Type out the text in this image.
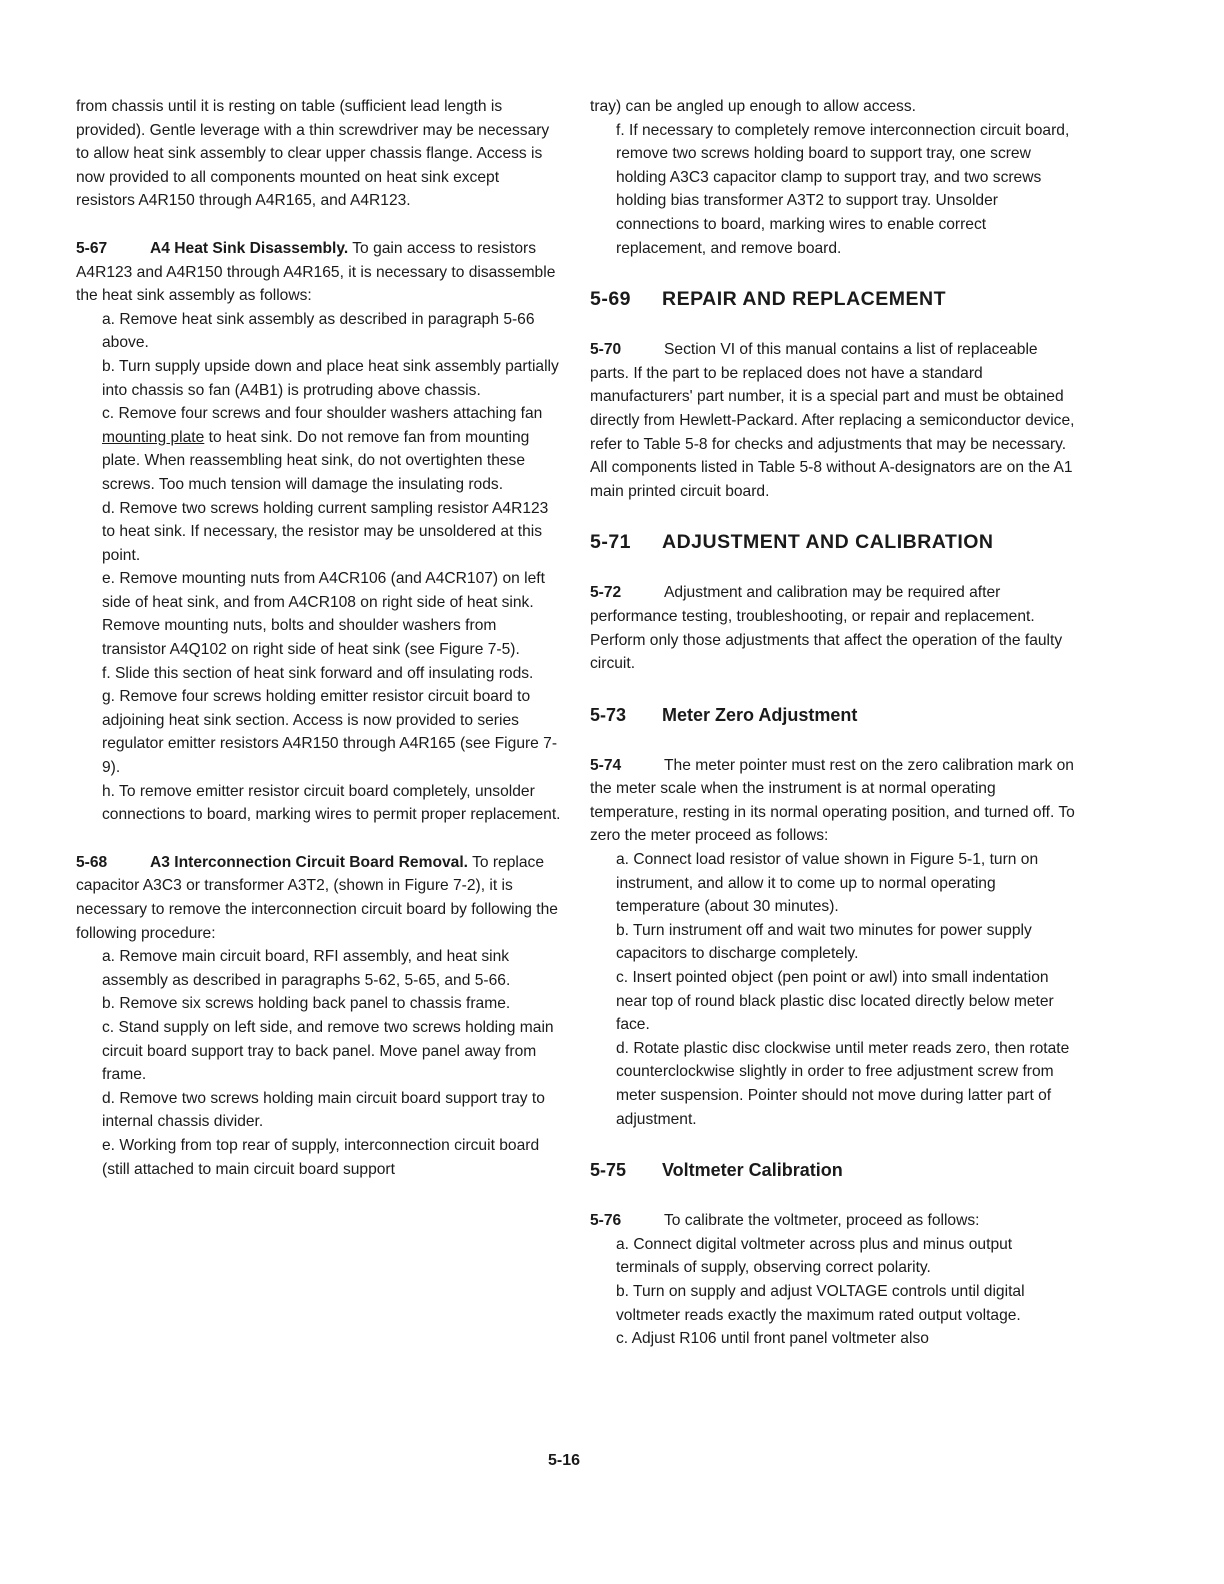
from chassis until it is resting on table (sufficient lead length is provided). Gentle leverage with a thin screwdriver may be necessary to allow heat sink assembly to clear upper chassis flange. Access is now provided to all components mounted on heat sink except resistors A4R150 through A4R165, and A4R123.

5-67	A4 Heat Sink Disassembly. To gain access to resistors A4R123 and A4R150 through A4R165, it is necessary to disassemble the heat sink assembly as follows:

a. Remove heat sink assembly as described in paragraph 5-66 above.

b. Turn supply upside down and place heat sink assembly partially into chassis so fan (A4B1) is protruding above chassis.

c. Remove four screws and four shoulder washers attaching fan mounting plate to heat sink. Do not remove fan from mounting plate. When reassembling heat sink, do not overtighten these screws. Too much tension will damage the insulating rods.

d. Remove two screws holding current sampling resistor A4R123 to heat sink. If necessary, the resistor may be unsoldered at this point.

e. Remove mounting nuts from A4CR106 (and A4CR107) on left side of heat sink, and from A4CR108 on right side of heat sink. Remove mounting nuts, bolts and shoulder washers from transistor A4Q102 on right side of heat sink (see Figure 7-5).

f. Slide this section of heat sink forward and off insulating rods.

g. Remove four screws holding emitter resistor circuit board to adjoining heat sink section. Access is now provided to series regulator emitter resistors A4R150 through A4R165 (see Figure 7-9).

h. To remove emitter resistor circuit board completely, unsolder connections to board, marking wires to permit proper replacement.

5-68	A3 Interconnection Circuit Board Removal. To replace capacitor A3C3 or transformer A3T2, (shown in Figure 7-2), it is necessary to remove the interconnection circuit board by following the following procedure:

a. Remove main circuit board, RFI assembly, and heat sink assembly as described in paragraphs 5-62, 5-65, and 5-66.

b. Remove six screws holding back panel to chassis frame.

c. Stand supply on left side, and remove two screws holding main circuit board support tray to back panel. Move panel away from frame.

d. Remove two screws holding main circuit board support tray to internal chassis divider.

e. Working from top rear of supply, interconnection circuit board (still attached to main circuit board support

tray) can be angled up enough to allow access.

f. If necessary to completely remove interconnection circuit board, remove two screws holding board to support tray, one screw holding A3C3 capacitor clamp to support tray, and two screws holding bias transformer A3T2 to support tray. Unsolder connections to board, marking wires to enable correct replacement, and remove board.

5-69 REPAIR AND REPLACEMENT

5-70	Section VI of this manual contains a list of replaceable parts. If the part to be replaced does not have a standard manufacturers' part number, it is a special part and must be obtained directly from Hewlett-Packard. After replacing a semiconductor device, refer to Table 5-8 for checks and adjustments that may be necessary. All components listed in Table 5-8 without A-designators are on the A1 main printed circuit board.

5-71 ADJUSTMENT AND CALIBRATION

5-72	Adjustment and calibration may be required after performance testing, troubleshooting, or repair and replacement. Perform only those adjustments that affect the operation of the faulty circuit.

5-73 Meter Zero Adjustment

5-74	The meter pointer must rest on the zero calibration mark on the meter scale when the instrument is at normal operating temperature, resting in its normal operating position, and turned off. To zero the meter proceed as follows:

a. Connect load resistor of value shown in Figure 5-1, turn on instrument, and allow it to come up to normal operating temperature (about 30 minutes).

b. Turn instrument off and wait two minutes for power supply capacitors to discharge completely.

c. Insert pointed object (pen point or awl) into small indentation near top of round black plastic disc located directly below meter face.

d. Rotate plastic disc clockwise until meter reads zero, then rotate counterclockwise slightly in order to free adjustment screw from meter suspension. Pointer should not move during latter part of adjustment.

5-75 Voltmeter Calibration

5-76	To calibrate the voltmeter, proceed as follows:

a. Connect digital voltmeter across plus and minus output terminals of supply, observing correct polarity.

b. Turn on supply and adjust VOLTAGE controls until digital voltmeter reads exactly the maximum rated output voltage.

c. Adjust R106 until front panel voltmeter also

5-16
